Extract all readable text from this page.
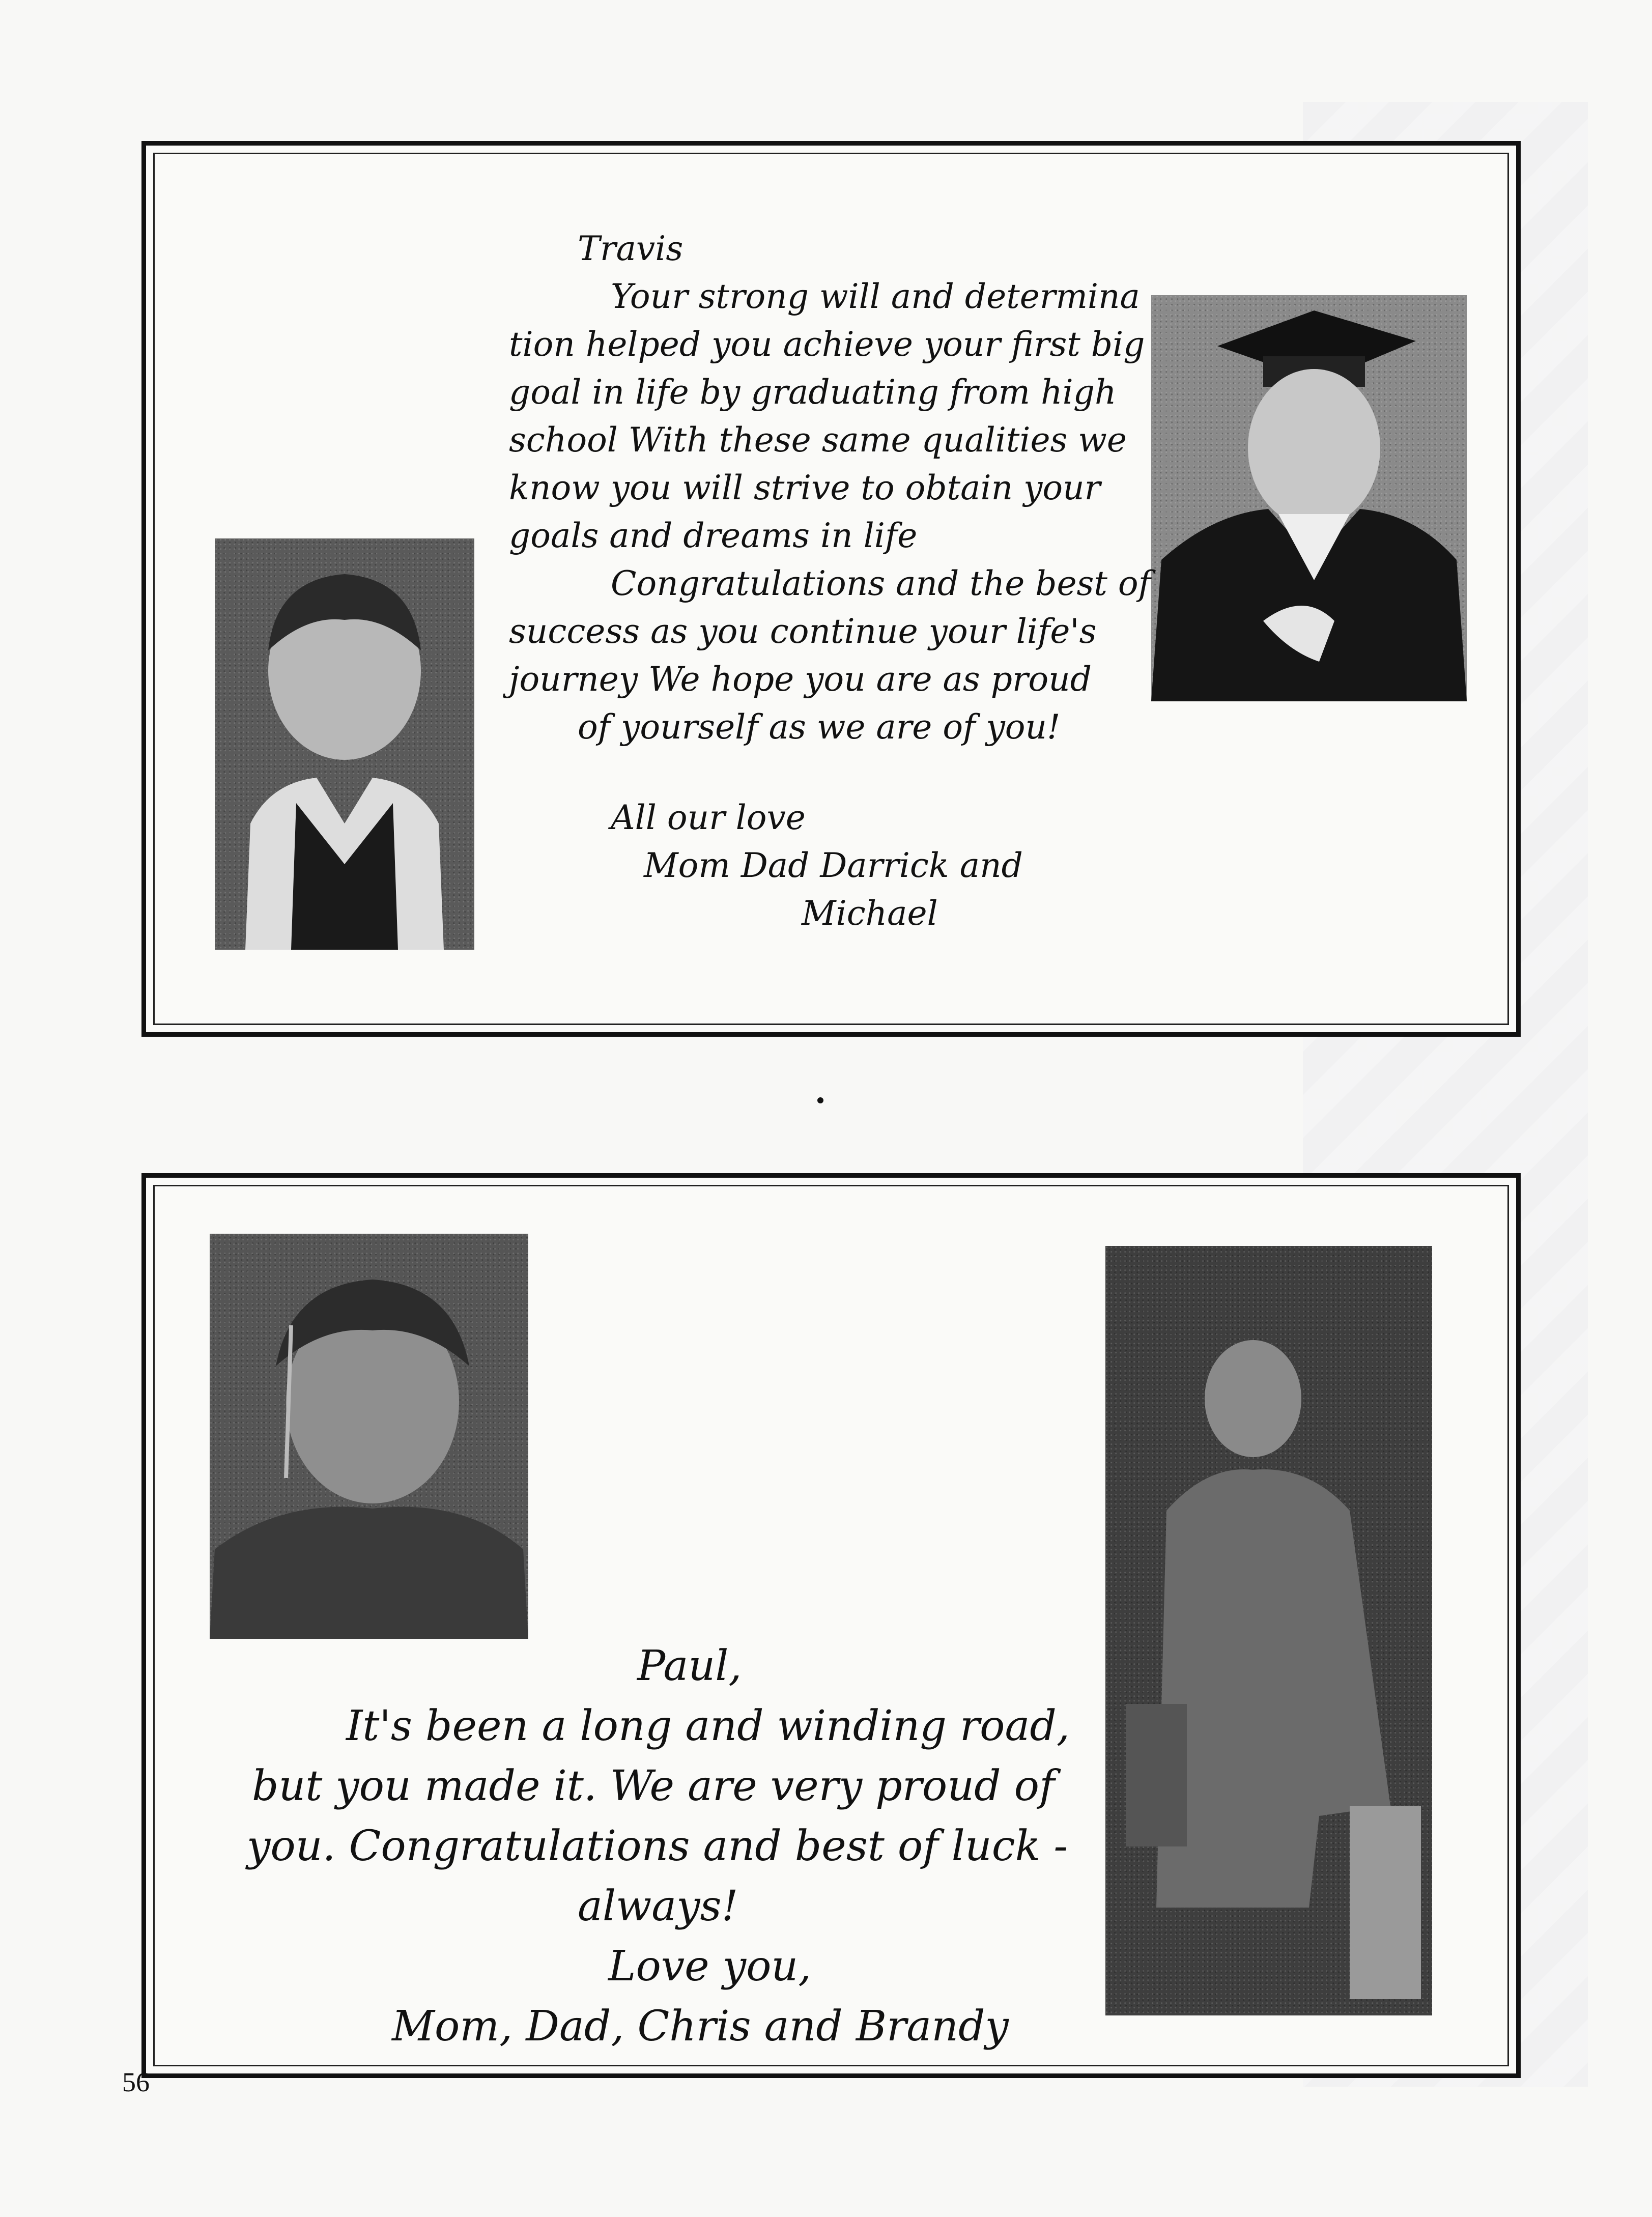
Travis
Your strong will and determina
tion helped you achieve your first big
goal in life by graduating from high
school With these same qualities we
know you will strive to obtain your
goals and dreams in life
Congratulations and the best of
success as you continue your life's
journey We hope you are as proud
of yourself as we are of you!
All our love
Mom Dad Darrick and
Michael
Paul,
It's been a long and winding road,
but you made it. We are very proud of
you. Congratulations and best of luck -
always!
Love you,
Mom, Dad, Chris and Brandy
56
